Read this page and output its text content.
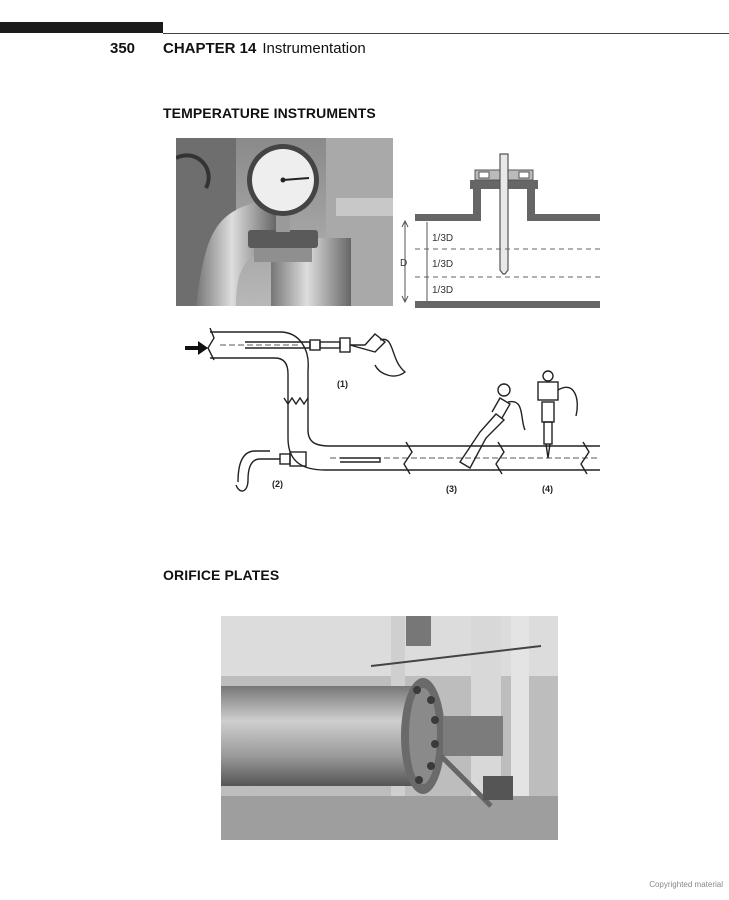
350 CHAPTER 14 Instrumentation
TEMPERATURE INSTRUMENTS
D
1/3D
1/3D
1/3D
(1)
(2)	(3)	(4)
ORIFICE PLATES
Copyrighted material
